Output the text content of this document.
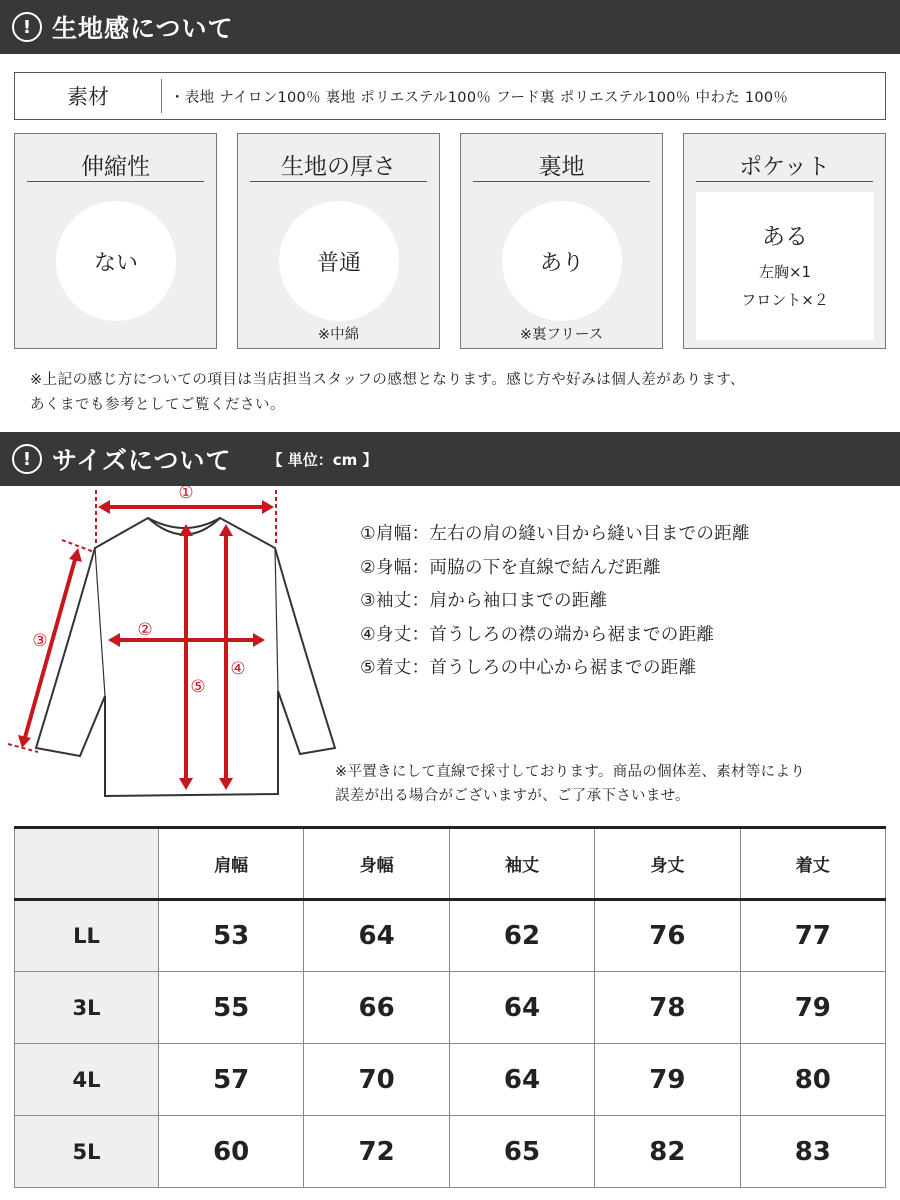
! 生地感について
素材	・表地 ナイロン100％ 裏地 ポリエステル100％ フード裏 ポリエステル100％ 中わた 100％
伸縮性
ない
生地の厚さ
普通
※中綿
裏地
あり
※裏フリース
ポケット
ある
左胸×1
フロント×２
※上記の感じ方についての項目は当店担当スタッフの感想となります。感じ方や好みは個人差があります、
あくまでも参考としてご覧ください。
! サイズについて 【 単位：cm 】
①
②
③
④
⑤
①肩幅：左右の肩の縫い目から縫い目までの距離
②身幅：両脇の下を直線で結んだ距離
③袖丈：肩から袖口までの距離
④身丈：首うしろの襟の端から裾までの距離
⑤着丈：首うしろの中心から裾までの距離
※平置きにして直線で採寸しております。商品の個体差、素材等により
誤差が出る場合がございますが、ご了承下さいませ。
	肩幅	身幅	袖丈	身丈	着丈
LL	53	64	62	76	77
3L	55	66	64	78	79
4L	57	70	64	79	80
5L	60	72	65	82	83
